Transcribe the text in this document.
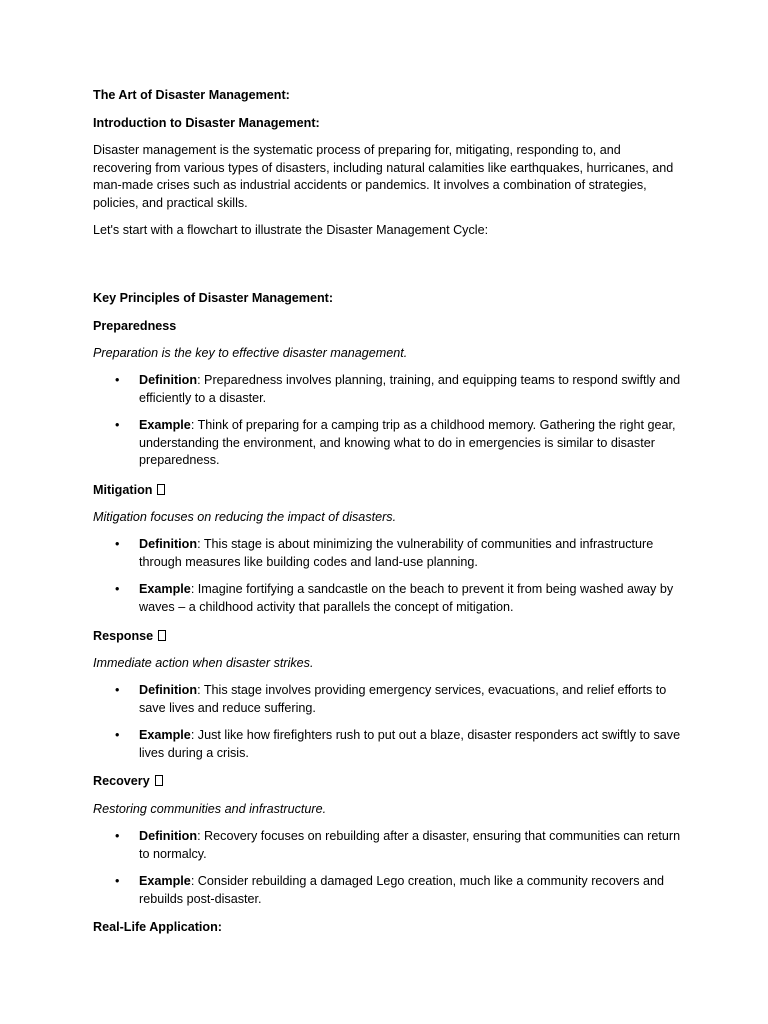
The Art of Disaster Management:

Introduction to Disaster Management:

Disaster management is the systematic process of preparing for, mitigating, responding to, and recovering from various types of disasters, including natural calamities like earthquakes, hurricanes, and man-made crises such as industrial accidents or pandemics. It involves a combination of strategies, policies, and practical skills.

Let's start with a flowchart to illustrate the Disaster Management Cycle:

Key Principles of Disaster Management:

Preparedness

Preparation is the key to effective disaster management.

•	Definition: Preparedness involves planning, training, and equipping teams to respond swiftly and efficiently to a disaster.
•	Example: Think of preparing for a camping trip as a childhood memory. Gathering the right gear, understanding the environment, and knowing what to do in emergencies is similar to disaster preparedness.

Mitigation

Mitigation focuses on reducing the impact of disasters.

•	Definition: This stage is about minimizing the vulnerability of communities and infrastructure through measures like building codes and land-use planning.
•	Example: Imagine fortifying a sandcastle on the beach to prevent it from being washed away by waves – a childhood activity that parallels the concept of mitigation.

Response

Immediate action when disaster strikes.

•	Definition: This stage involves providing emergency services, evacuations, and relief efforts to save lives and reduce suffering.
•	Example: Just like how firefighters rush to put out a blaze, disaster responders act swiftly to save lives during a crisis.

Recovery

Restoring communities and infrastructure.

•	Definition: Recovery focuses on rebuilding after a disaster, ensuring that communities can return to normalcy.
•	Example: Consider rebuilding a damaged Lego creation, much like a community recovers and rebuilds post-disaster.

Real-Life Application:
